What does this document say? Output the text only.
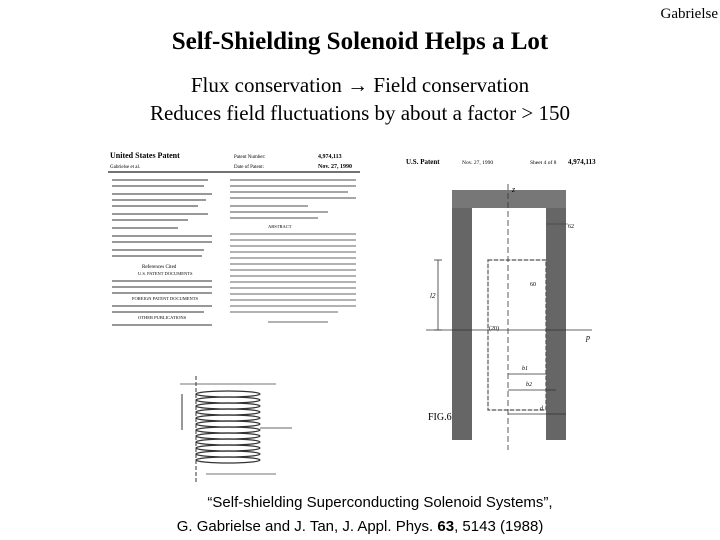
Gabrielse
Self-Shielding Solenoid Helps a Lot
Flux conservation → Field conservation
Reduces field fluctuations by about a factor > 150
United States Patent
Gabrielse et al.
Patent Number:	4,974,113
Date of Patent:	Nov. 27, 1990
References Cited
U.S. PATENT DOCUMENTS
FOREIGN PATENT DOCUMENTS
OTHER PUBLICATIONS
ABSTRACT
U.S. Patent	Nov. 27, 1990	Sheet 4 of 8 4,974,113
z
p
(20)
l2
62
60
b1
b2
d
FIG.6
“Self-shielding Superconducting Solenoid Systems”,
G. Gabrielse and J. Tan, J. Appl. Phys. 63, 5143 (1988)
